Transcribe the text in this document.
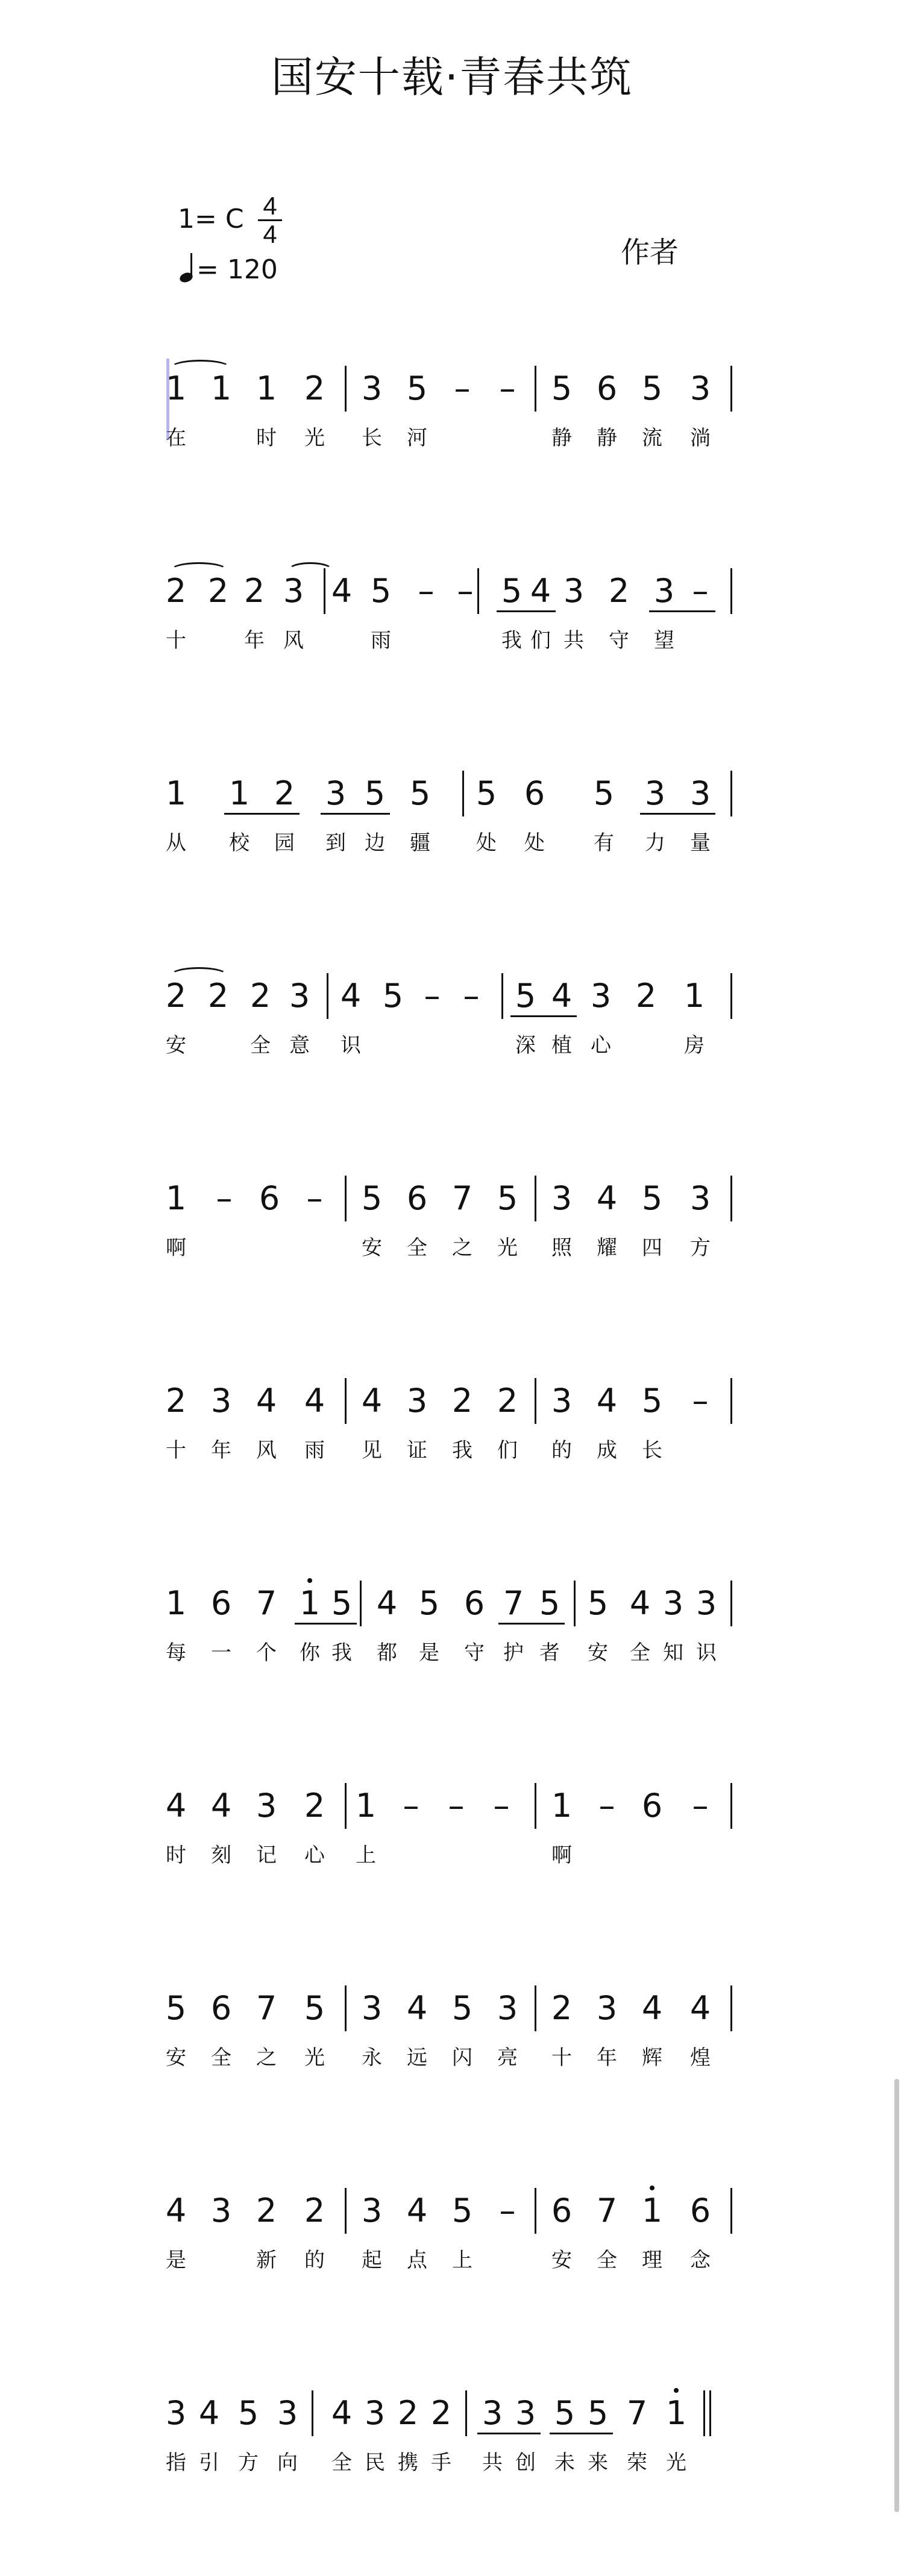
国安十载·青春共筑
1= C 4
4
= 120
作者
1 1 1 2 3 5 – – 5 6 5 3
在	时 光 长 河	静 静 流 淌
2 2 2 3 4 5 – – 5 4 3 2 3 –
十	年 风	雨	我 们 共 守 望
1 1 2 3 5 5 5 6 5 3 3
从 校 园 到 边 疆 处 处 有 力 量
2 2 2 3 4 5 – – 5 4 3 2 1
安	全 意 识	深 植 心	房
1 – 6 – 5 6 7 5 3 4 5 3
啊	安 全 之 光 照 耀 四 方
2 3 4 4 4 3 2 2 3 4 5 –
十 年 风 雨 见 证 我 们 的 成 长
1 6 7 1 5 4 5 6 7 5 5 4 3 3
每 一 个 你 我 都 是 守 护 者 安 全 知 识
4 4 3 2 1 – – – 1 – 6 –
时 刻 记 心 上	啊
5 6 7 5 3 4 5 3 2 3 4 4
安 全 之 光 永 远 闪 亮 十 年 辉 煌
4 3 2 2 3 4 5 – 6 7 1 6
是	新 的 起 点 上	安 全 理 念
3 4 5 3 4 3 2 2 3 3 5 5 7 1
指 引 方 向 全 民 携 手 共 创 未 来 荣 光
